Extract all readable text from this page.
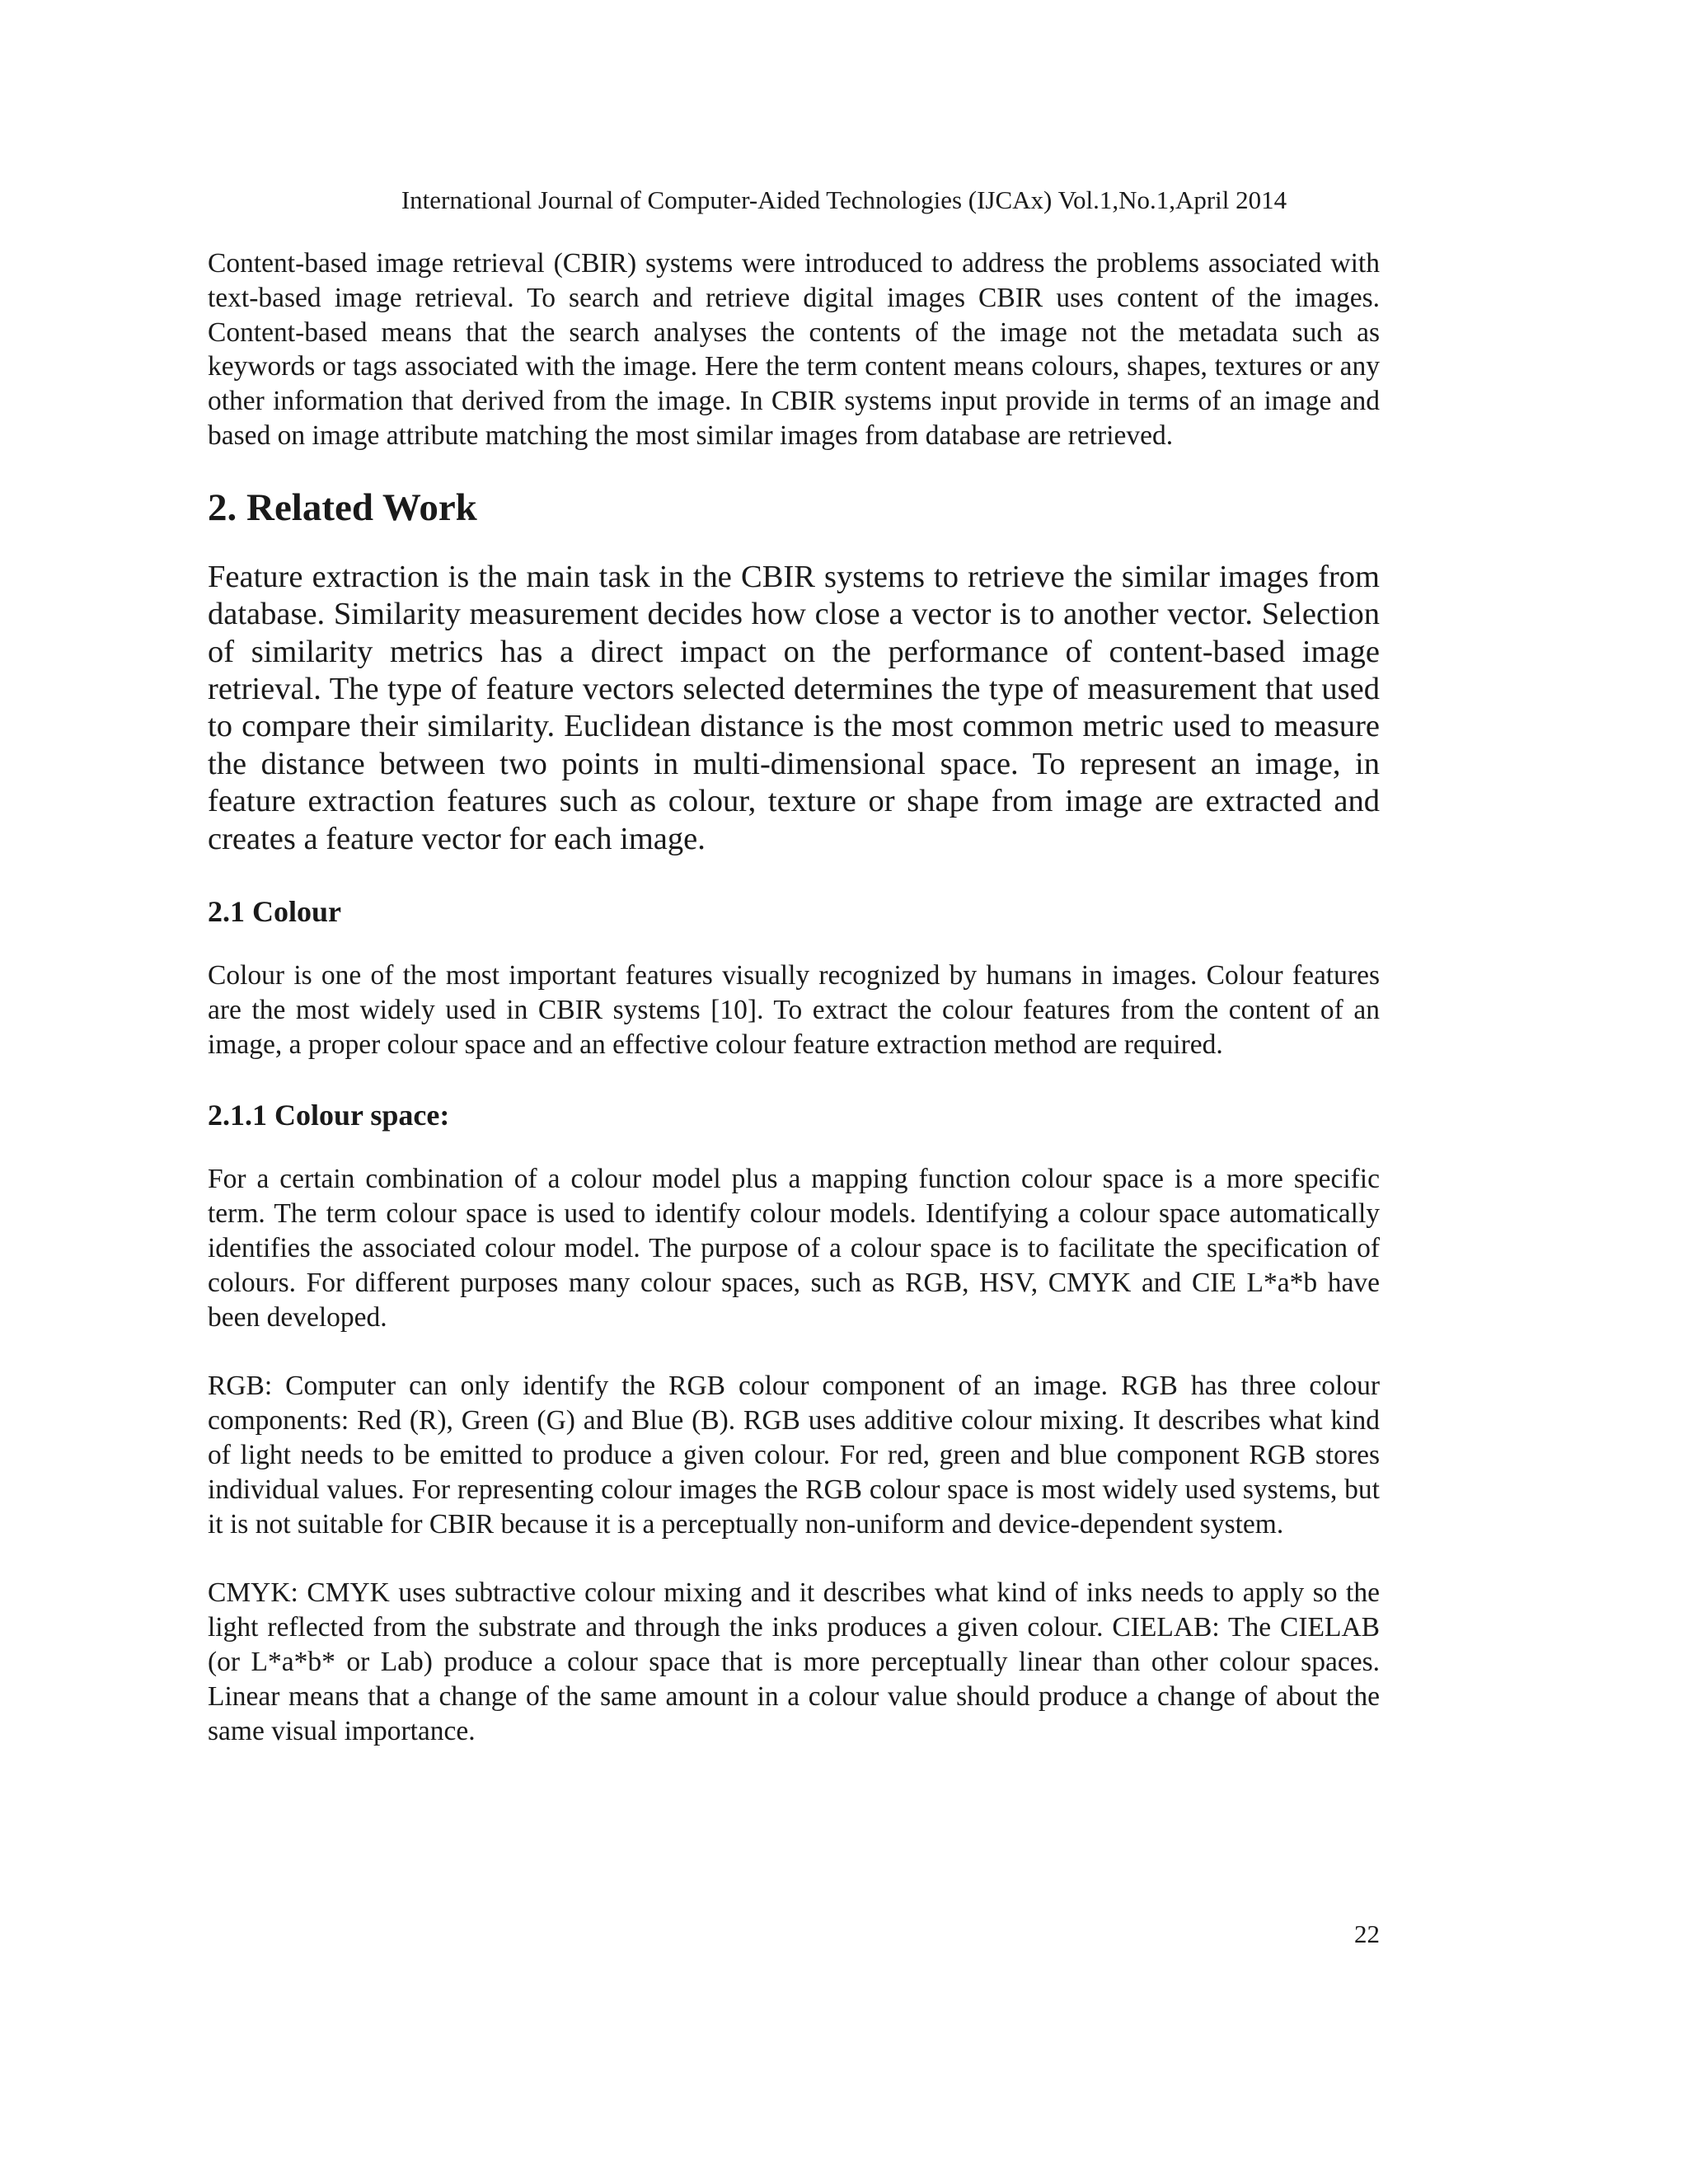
International Journal of Computer-Aided Technologies (IJCAx) Vol.1,No.1,April 2014

Content-based image retrieval (CBIR) systems were introduced to address the problems associated with text-based image retrieval. To search and retrieve digital images CBIR uses content of the images. Content-based means that the search analyses the contents of the image not the metadata such as keywords or tags associated with the image. Here the term content means colours, shapes, textures or any other information that derived from the image. In CBIR systems input provide in terms of an image and based on image attribute matching the most similar images from database are retrieved.

2. Related Work

Feature extraction is the main task in the CBIR systems to retrieve the similar images from database. Similarity measurement decides how close a vector is to another vector. Selection of similarity metrics has a direct impact on the performance of content-based image retrieval. The type of feature vectors selected determines the type of measurement that used to compare their similarity. Euclidean distance is the most common metric used to measure the distance between two points in multi-dimensional space. To represent an image, in feature extraction features such as colour, texture or shape from image are extracted and creates a feature vector for each image.

2.1 Colour

Colour is one of the most important features visually recognized by humans in images. Colour features are the most widely used in CBIR systems [10]. To extract the colour features from the content of an image, a proper colour space and an effective colour feature extraction method are required.

2.1.1 Colour space:

For a certain combination of a colour model plus a mapping function colour space is a more specific term. The term colour space is used to identify colour models. Identifying a colour space automatically identifies the associated colour model. The purpose of a colour space is to facilitate the specification of colours. For different purposes many colour spaces, such as RGB, HSV, CMYK and CIE L*a*b have been developed.

RGB: Computer can only identify the RGB colour component of an image. RGB has three colour components: Red (R), Green (G) and Blue (B). RGB uses additive colour mixing. It describes what kind of light needs to be emitted to produce a given colour. For red, green and blue component RGB stores individual values. For representing colour images the RGB colour space is most widely used systems, but it is not suitable for CBIR because it is a perceptually non-uniform and device-dependent system.

CMYK: CMYK uses subtractive colour mixing and it describes what kind of inks needs to apply so the light reflected from the substrate and through the inks produces a given colour. CIELAB: The CIELAB (or L*a*b* or Lab) produce a colour space that is more perceptually linear than other colour spaces. Linear means that a change of the same amount in a colour value should produce a change of about the same visual importance.

22
